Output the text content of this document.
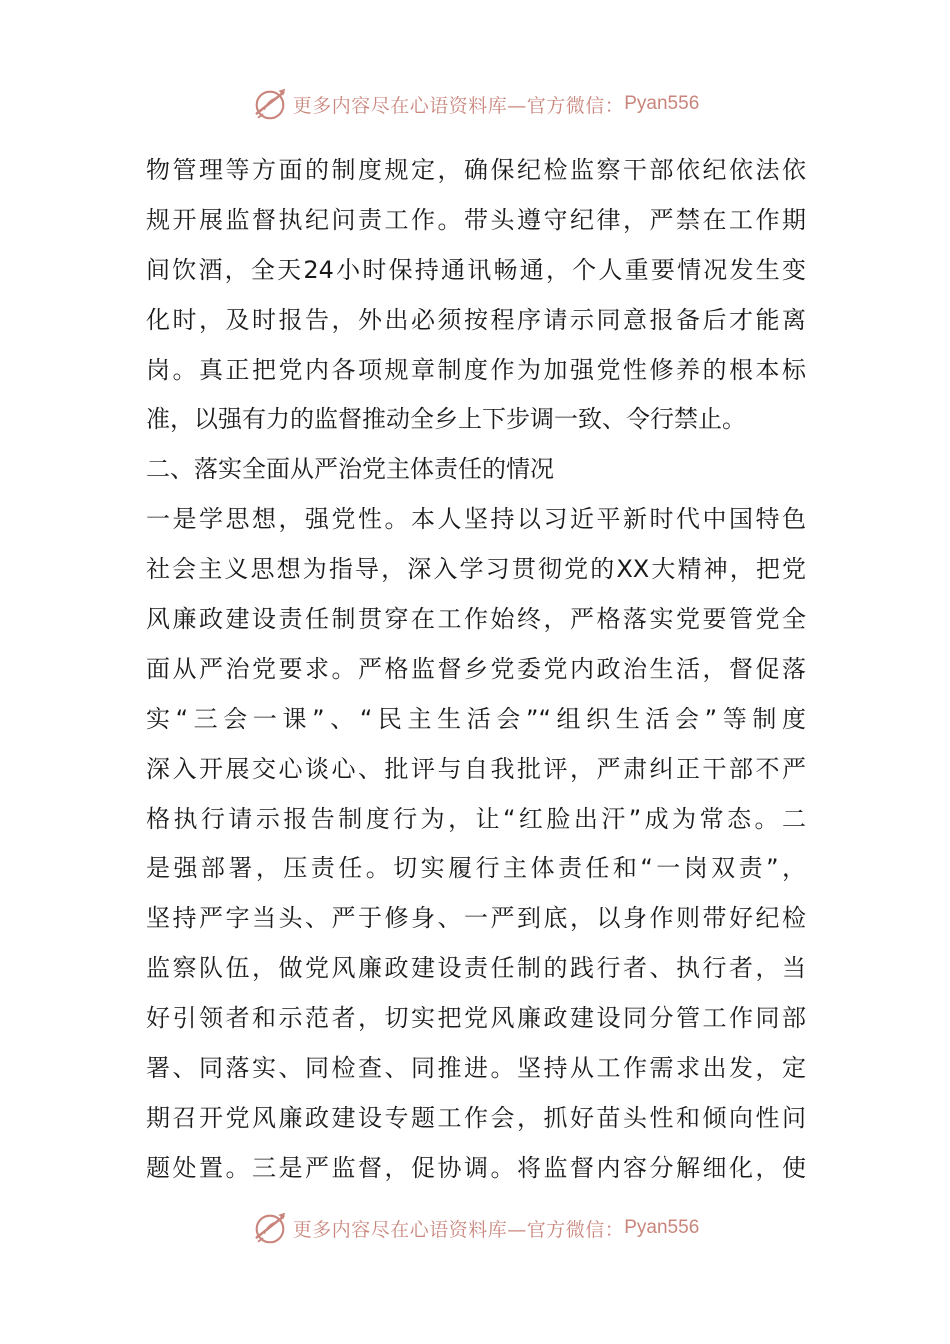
更多内容尽在心语资料库—官方微信： Pyan556
物管理等方面的制度规定，确保纪检监察干部依纪依法依
规开展监督执纪问责工作。带头遵守纪律，严禁在工作期
间饮酒，全天24小时保持通讯畅通，个人重要情况发生变
化时，及时报告，外出必须按程序请示同意报备后才能离
岗。真正把党内各项规章制度作为加强党性修养的根本标
准，以强有力的监督推动全乡上下步调一致、令行禁止。
二、落实全面从严治党主体责任的情况
一是学思想，强党性。本人坚持以习近平新时代中国特色
社会主义思想为指导，深入学习贯彻党的XX大精神，把党
风廉政建设责任制贯穿在工作始终，严格落实党要管党全
面从严治党要求。严格监督乡党委党内政治生活，督促落
实“三会一课”、“民主生活会”“组织生活会”等制度
深入开展交心谈心、批评与自我批评，严肃纠正干部不严
格执行请示报告制度行为，让“红脸出汗”成为常态。二
是强部署，压责任。切实履行主体责任和“一岗双责”，
坚持严字当头、严于修身、一严到底，以身作则带好纪检
监察队伍，做党风廉政建设责任制的践行者、执行者，当
好引领者和示范者，切实把党风廉政建设同分管工作同部
署、同落实、同检查、同推进。坚持从工作需求出发，定
期召开党风廉政建设专题工作会，抓好苗头性和倾向性问
题处置。三是严监督，促协调。将监督内容分解细化，使
更多内容尽在心语资料库—官方微信： Pyan556
